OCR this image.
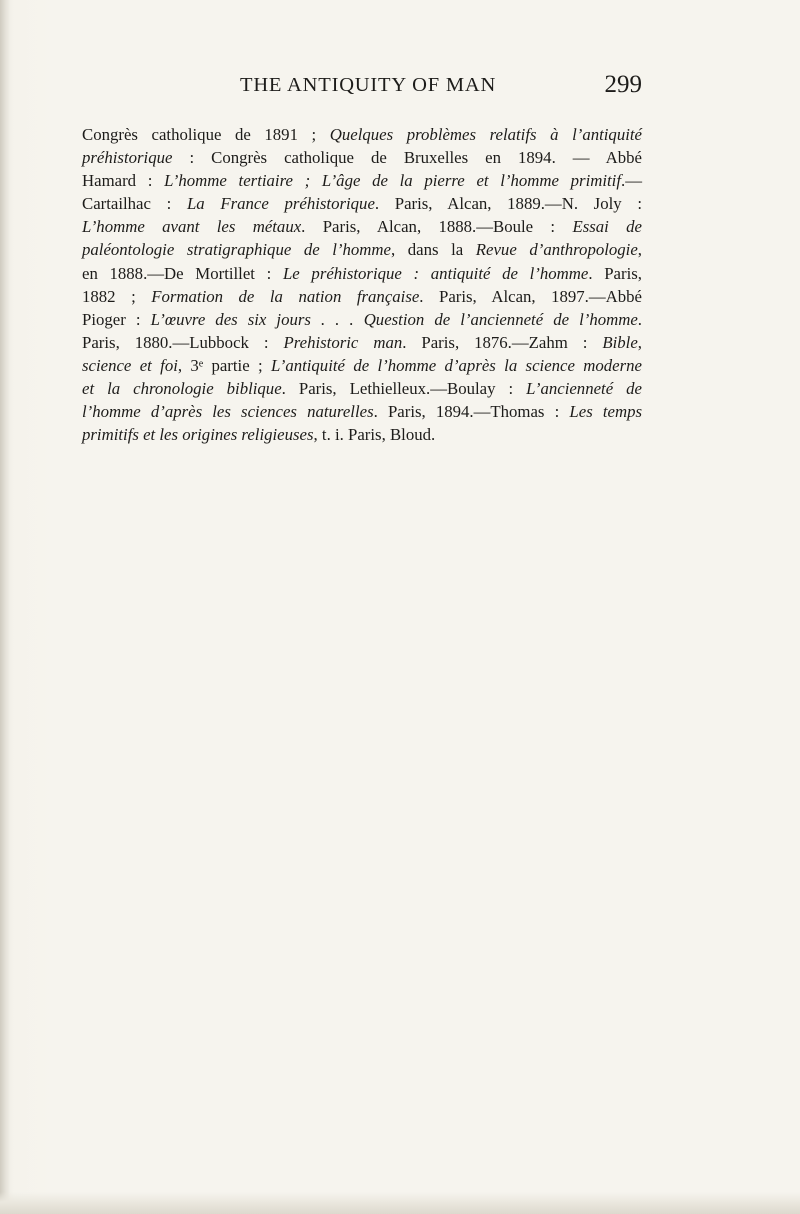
THE ANTIQUITY OF MAN	299
Congrès catholique de 1891 ; Quelques problèmes relatifs à l’antiquité
préhistorique : Congrès catholique de Bruxelles en 1894. — Abbé
Hamard : L’homme tertiaire ; L’âge de la pierre et l’homme primitif.—
Cartailhac : La France préhistorique. Paris, Alcan, 1889.—N. Joly :
L’homme avant les métaux. Paris, Alcan, 1888.—Boule : Essai de
paléontologie stratigraphique de l’homme, dans la Revue d’anthropologie,
en 1888.—De Mortillet : Le préhistorique : antiquité de l’homme. Paris,
1882 ; Formation de la nation française. Paris, Alcan, 1897.—Abbé
Pioger : L’œuvre des six jours . . . Question de l’ancienneté de l’homme.
Paris, 1880.—Lubbock : Prehistoric man. Paris, 1876.—Zahm : Bible,
science et foi, 3ᵉ partie ; L’antiquité de l’homme d’après la science moderne
et la chronologie biblique. Paris, Lethielleux.—Boulay : L’ancienneté de
l’homme d’après les sciences naturelles. Paris, 1894.—Thomas : Les temps
primitifs et les origines religieuses, t. i. Paris, Bloud.
